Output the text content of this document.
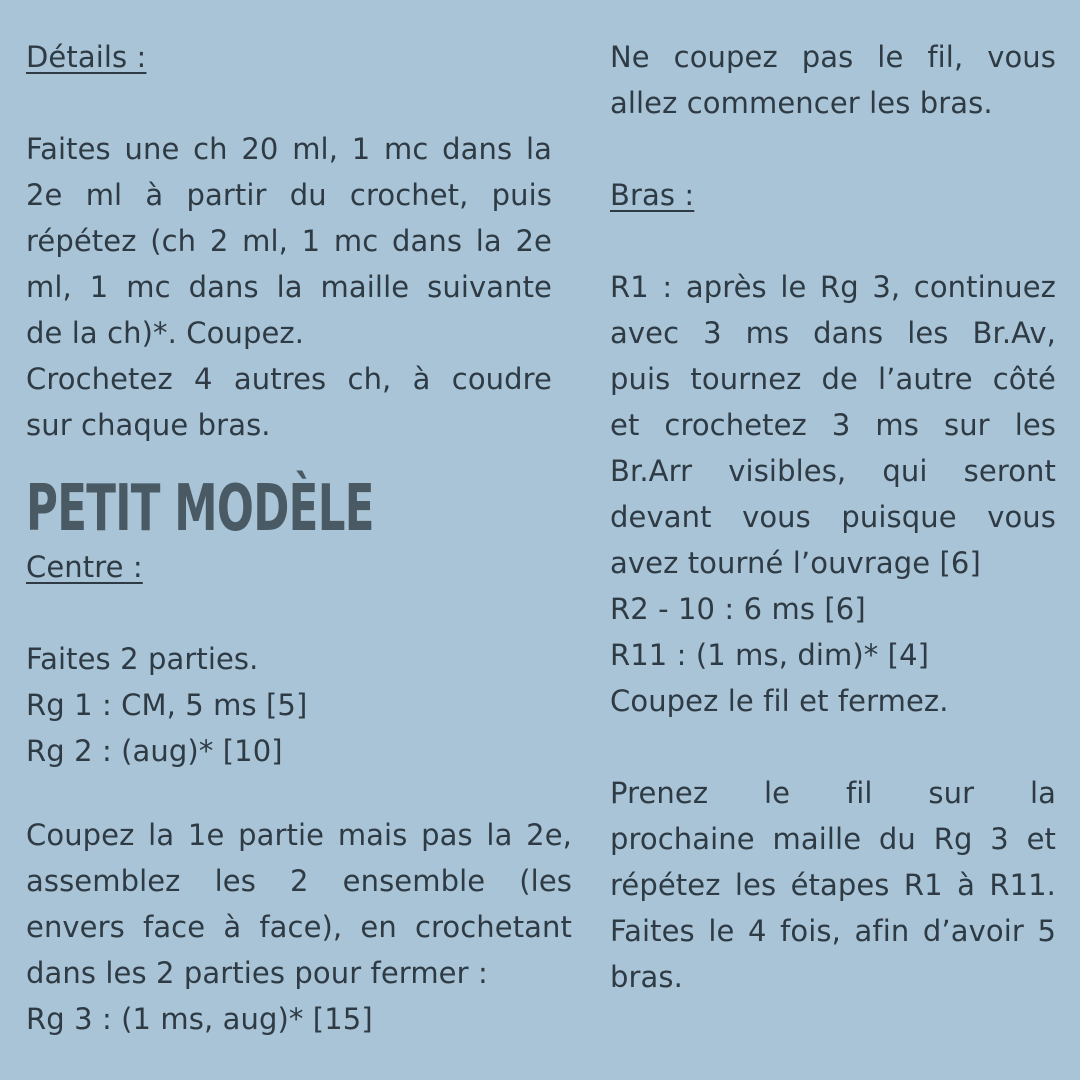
Détails :
Faites une ch 20 ml, 1 mc dans la
2e ml à partir du crochet, puis
répétez (ch 2 ml, 1 mc dans la 2e
ml, 1 mc dans la maille suivante
de la ch)*. Coupez.
Crochetez 4 autres ch, à coudre
sur chaque bras.
PETIT MODÈLE
Centre :
Faites 2 parties.
Rg 1 : CM, 5 ms [5]
Rg 2 : (aug)* [10]
Coupez la 1e partie mais pas la 2e,
assemblez les 2 ensemble (les
envers face à face), en crochetant
dans les 2 parties pour fermer :
Rg 3 : (1 ms, aug)* [15]
Ne coupez pas le fil, vous
allez commencer les bras.
Bras :
R1 : après le Rg 3, continuez
avec 3 ms dans les Br.Av,
puis tournez de l’autre côté
et crochetez 3 ms sur les
Br.Arr visibles, qui seront
devant vous puisque vous
avez tourné l’ouvrage [6]
R2 - 10 : 6 ms [6]
R11 : (1 ms, dim)* [4]
Coupez le fil et fermez.
Prenez le fil sur la
prochaine maille du Rg 3 et
répétez les étapes R1 à R11.
Faites le 4 fois, afin d’avoir 5
bras.
